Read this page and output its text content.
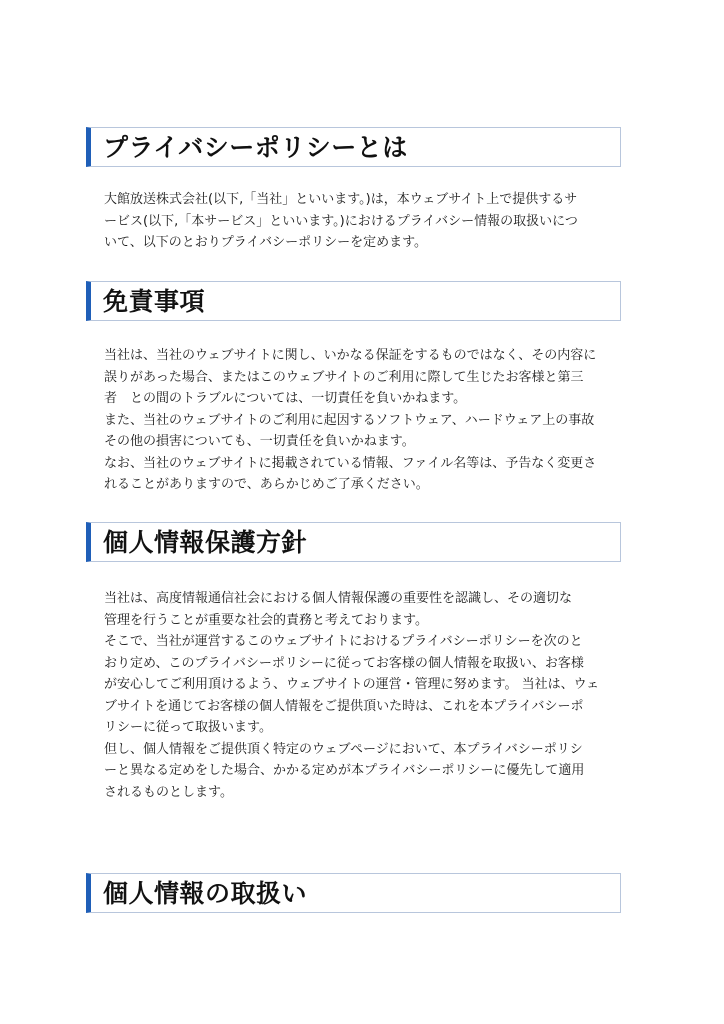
プライバシーポリシーとは
大館放送株式会社(以下,「当社」といいます。)は，本ウェブサイト上で提供するサ
ービス(以下,「本サービス」といいます。)におけるプライバシー情報の取扱いにつ
いて、以下のとおりプライバシーポリシーを定めます。
免責事項
当社は、当社のウェブサイトに関し、いかなる保証をするものではなく、その内容に
誤りがあった場合、またはこのウェブサイトのご利用に際して生じたお客様と第三
者　との間のトラブルについては、一切責任を負いかねます。
また、当社のウェブサイトのご利用に起因するソフトウェア、ハードウェア上の事故
その他の損害についても、一切責任を負いかねます。
なお、当社のウェブサイトに掲載されている情報、ファイル名等は、予告なく変更さ
れることがありますので、あらかじめご了承ください。
個人情報保護方針
当社は、高度情報通信社会における個人情報保護の重要性を認識し、その適切な
管理を行うことが重要な社会的責務と考えております。
そこで、当社が運営するこのウェブサイトにおけるプライバシーポリシーを次のと
おり定め、このプライバシーポリシーに従ってお客様の個人情報を取扱い、お客様
が安心してご利用頂けるよう、ウェブサイトの運営・管理に努めます。 当社は、ウェ
ブサイトを通じてお客様の個人情報をご提供頂いた時は、これを本プライバシーポ
リシーに従って取扱います。
但し、個人情報をご提供頂く特定のウェブページにおいて、本プライバシーポリシ
ーと異なる定めをした場合、かかる定めが本プライバシーポリシーに優先して適用
されるものとします。
個人情報の取扱い
